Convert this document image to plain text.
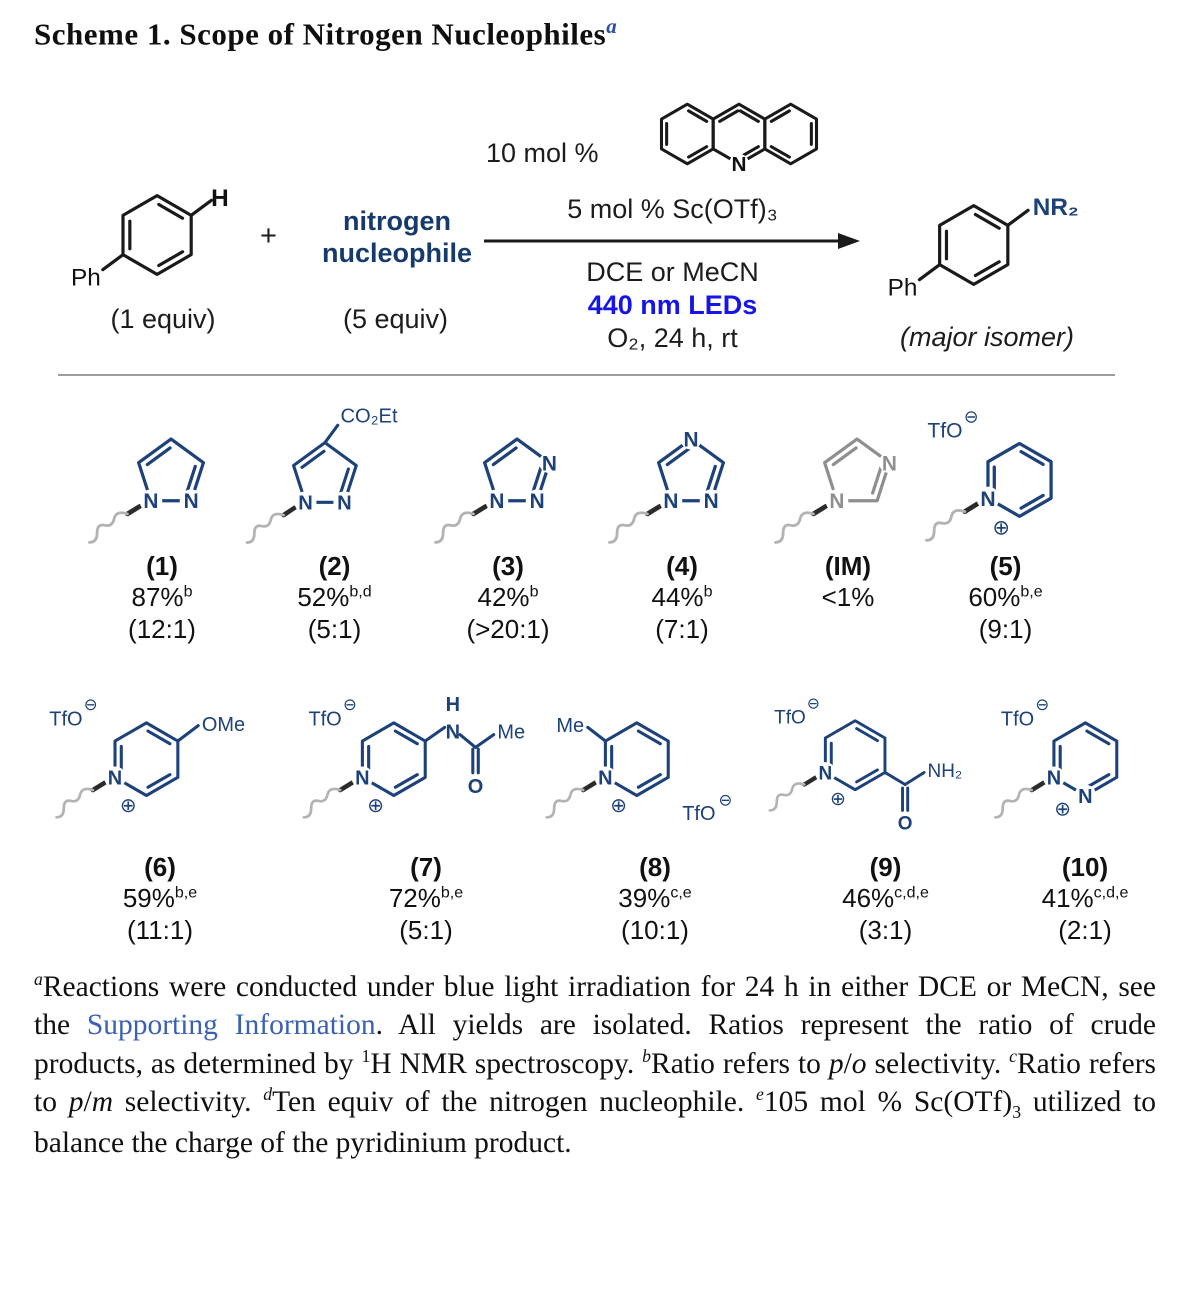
Scheme 1. Scope of Nitrogen Nucleophiles$^a$
H
Ph
(1 equiv)
+	nitrogen
nucleophile
(5 equiv)
10 mol %	N
5 mol % Sc(OTf)₃
DCE or MeCN
440 nm LEDs
O₂, 24 h, rt
NR₂
Ph
(major isomer)
N N
(1)
87%$^b$
(12:1)
N N
CO₂Et
(2)
52%$^{b,d}$
(5:1)
N N
N
(3)
42%$^b$
(>20:1)
N N
N
(4)
44%$^b$
(7:1)
N
N
(IM)
<1%
N
⊕
TfO
⊖
(5)
60%$^{b,e}$
(9:1)
N
⊕
OMe
TfO
⊖
(6)
59%$^{b,e}$
(11:1)
N
⊕
N
H
O
Me
TfO
⊖
(7)
72%$^{b,e}$
(5:1)
N
⊕
Me
TfO
⊖
(8)
39%$^{c,e}$
(10:1)
N
⊕
O
NH₂
TfO
⊖
(9)
46%$^{c,d,e}$
(3:1)
N
N
⊕
TfO
⊖
(10)
41%$^{c,d,e}$
(2:1)
$^a$Reactions were conducted under blue light irradiation for 24 h in either DCE or MeCN, see the Supporting Information. All yields are isolated. Ratios represent the ratio of crude products, as determined by $^1$H NMR spectroscopy. $^b$Ratio refers to p/o selectivity. $^c$Ratio refers to p/m selectivity. $^d$Ten equiv of the nitrogen nucleophile. $^e$105 mol % $Sc(OTf)_3$ utilized to balance the charge of the pyridinium product.
